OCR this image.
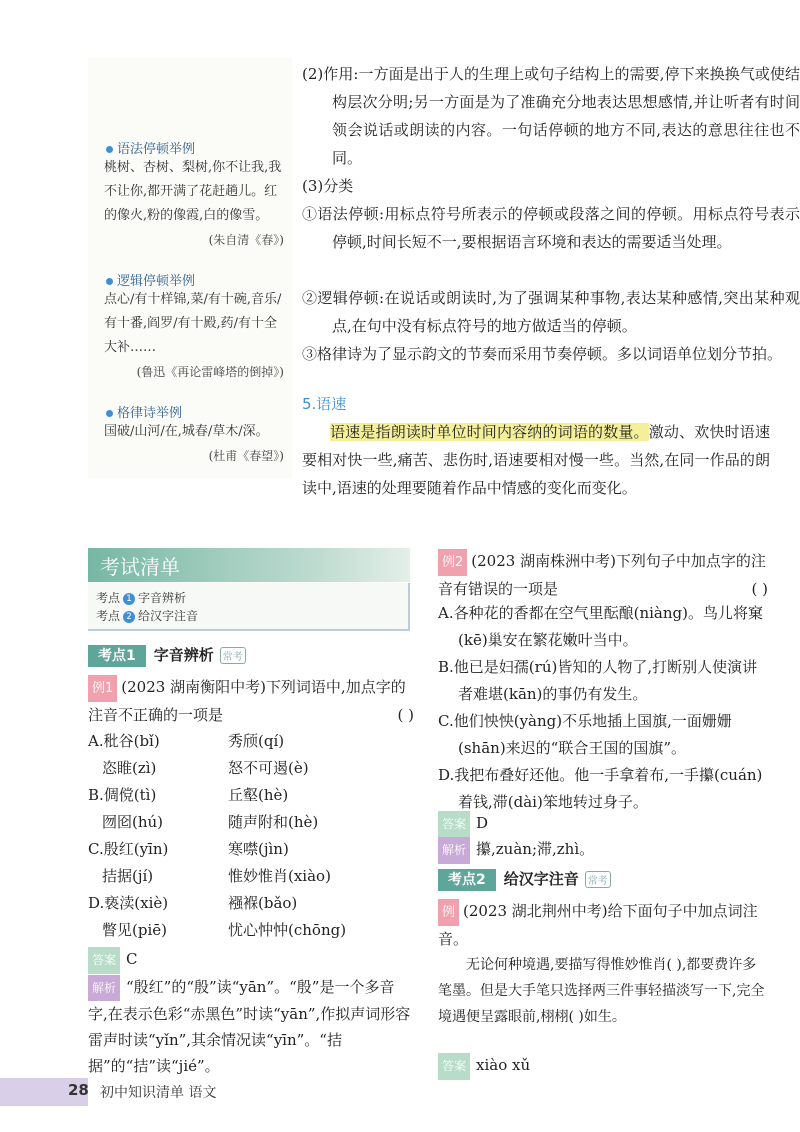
语法停顿举例
桃树、杏树、梨树,你不让我,我不让你,都开满了花赶趟儿。红的像火,粉的像霞,白的像雪。
(朱自清《春》)
逻辑停顿举例
点心/有十样锦,菜/有十碗,音乐/有十番,阎罗/有十殿,药/有十全大补……
(鲁迅《再论雷峰塔的倒掉》)
格律诗举例
国破/山河/在,城春/草木/深。
(杜甫《春望》)
(2)作用:一方面是出于人的生理上或句子结构上的需要,停下来换换气或使结构层次分明;另一方面是为了准确充分地表达思想感情,并让听者有时间领会说话或朗读的内容。一句话停顿的地方不同,表达的意思往往也不同。
(3)分类
①语法停顿:用标点符号所表示的停顿或段落之间的停顿。用标点符号表示停顿,时间长短不一,要根据语言环境和表达的需要适当处理。
②逻辑停顿:在说话或朗读时,为了强调某种事物,表达某种感情,突出某种观点,在句中没有标点符号的地方做适当的停顿。
③格律诗为了显示韵文的节奏而采用节奏停顿。多以词语单位划分节拍。
5.语速
语速是指朗读时单位时间内容纳的词语的数量。激动、欢快时语速要相对快一些,痛苦、悲伤时,语速要相对慢一些。当然,在同一作品的朗读中,语速的处理要随着作品中情感的变化而变化。
考试清单
考点 1 字音辨析
考点 2 给汉字注音
考点1 字音辨析 常考
例1 (2023 湖南衡阳中考)下列词语中,加点字的注音不正确的一项是	( )
A.秕谷(bǐ)	秀颀(qí)
恣睢(zì)	怒不可遏(è)
B.倜傥(tì)	丘壑(hè)
囫囵(hú)	随声附和(hè)
C.殷红(yīn)	寒噤(jìn)
拮据(jí)	惟妙惟肖(xiào)
D.亵渎(xiè)	襁褓(bǎo)
瞥见(piē)	忧心忡忡(chōng)
答案 C
解析 “殷红”的“殷”读“yān”。“殷”是一个多音字,在表示色彩“赤黑色”时读“yān”,作拟声词形容雷声时读“yǐn”,其余情况读“yīn”。“拮据”的“拮”读“jié”。
例2 (2023 湖南株洲中考)下列句子中加点字的注音有错误的一项是	( )
A.各种花的香都在空气里酝酿(niàng)。鸟儿将窠(kē)巢安在繁花嫩叶当中。
B.他已是妇孺(rú)皆知的人物了,打断别人使演讲者难堪(kān)的事仍有发生。
C.他们怏怏(yàng)不乐地插上国旗,一面姗姗(shān)来迟的“联合王国的国旗”。
D.我把布叠好还他。他一手拿着布,一手攥(cuán)着钱,滞(dài)笨地转过身子。
答案 D
解析 攥,zuàn;滞,zhì。
考点2 给汉字注音 常考
例 (2023 湖北荆州中考)给下面句子中加点词注音。
无论何种境遇,要描写得惟妙惟肖( ),都要费许多笔墨。但是大手笔只选择两三件事轻描淡写一下,完全境遇便呈露眼前,栩栩( )如生。
答案 xiào xǔ
28 初中知识清单 语文
